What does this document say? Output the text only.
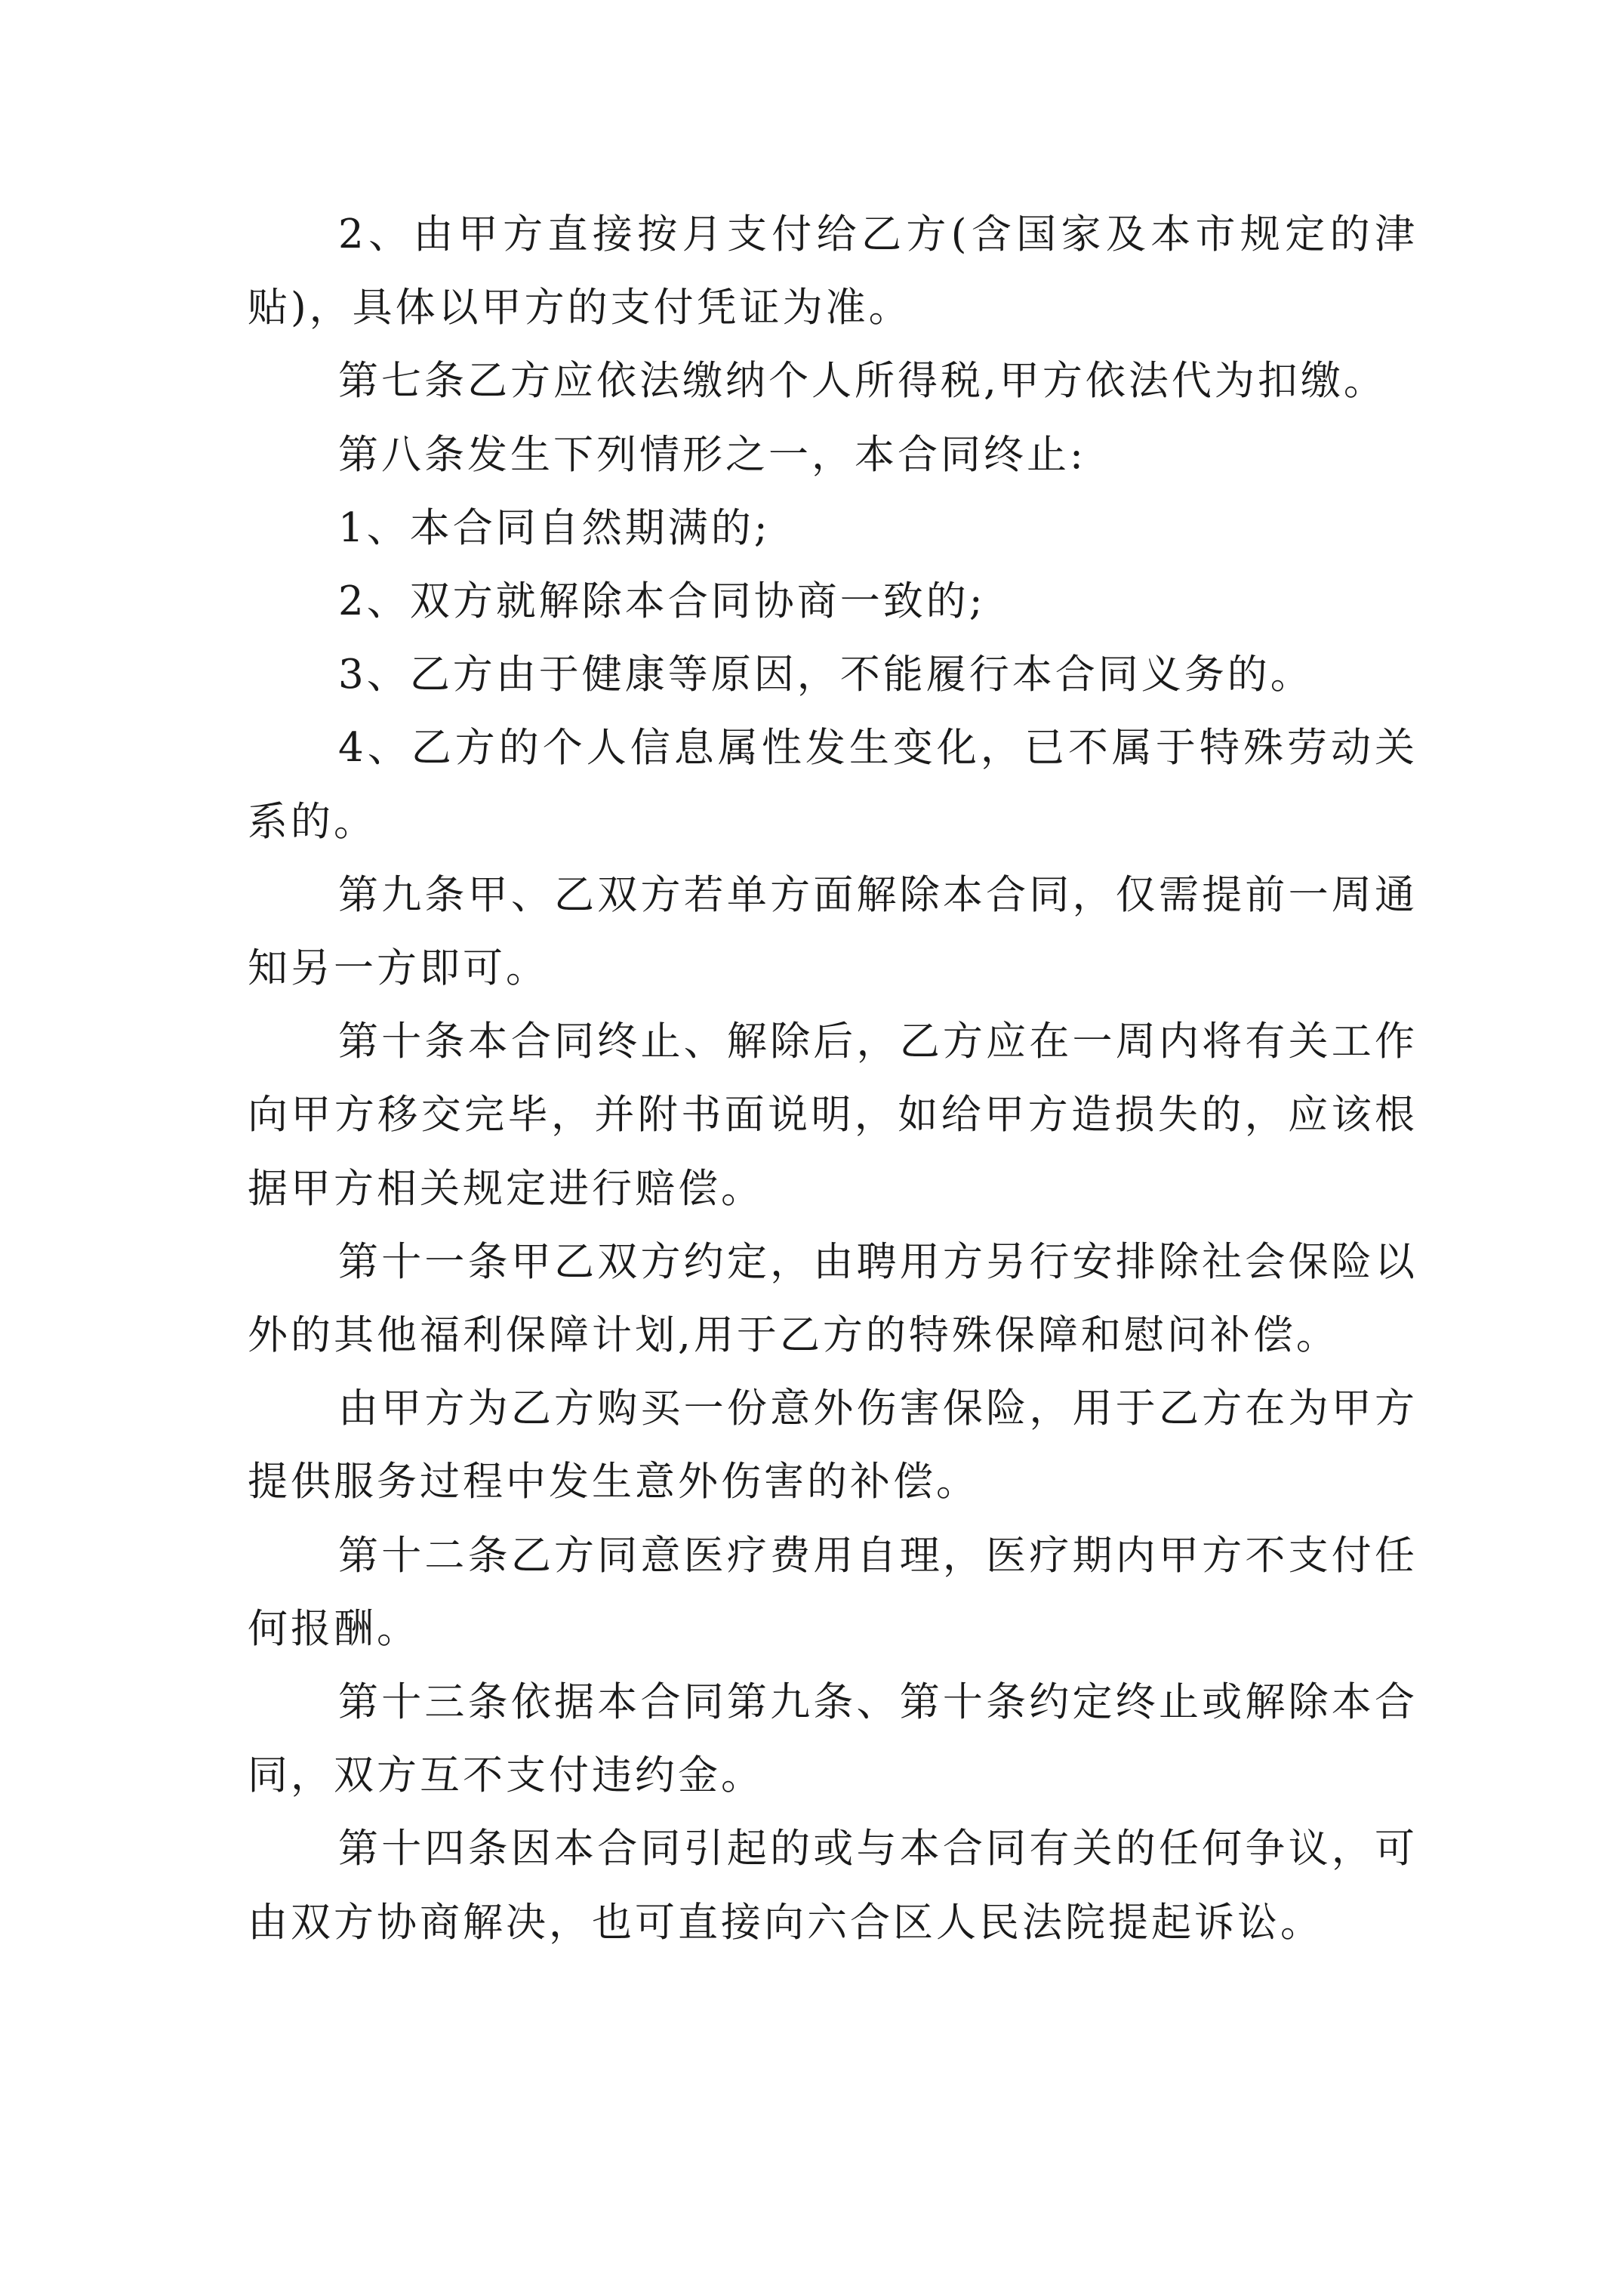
2、由甲方直接按月支付给乙方(含国家及本市规定的津贴)，具体以甲方的支付凭证为准。

第七条乙方应依法缴纳个人所得税,甲方依法代为扣缴。

第八条发生下列情形之一，本合同终止:

1、本合同自然期满的;

2、双方就解除本合同协商一致的;

3、乙方由于健康等原因，不能履行本合同义务的。

4、乙方的个人信息属性发生变化，已不属于特殊劳动关系的。

第九条甲、乙双方若单方面解除本合同，仅需提前一周通知另一方即可。

第十条本合同终止、解除后，乙方应在一周内将有关工作向甲方移交完毕，并附书面说明，如给甲方造损失的，应该根据甲方相关规定进行赔偿。

第十一条甲乙双方约定，由聘用方另行安排除社会保险以外的其他福利保障计划,用于乙方的特殊保障和慰问补偿。

由甲方为乙方购买一份意外伤害保险，用于乙方在为甲方提供服务过程中发生意外伤害的补偿。

第十二条乙方同意医疗费用自理，医疗期内甲方不支付任何报酬。

第十三条依据本合同第九条、第十条约定终止或解除本合同，双方互不支付违约金。

第十四条因本合同引起的或与本合同有关的任何争议，可由双方协商解决，也可直接向六合区人民法院提起诉讼。
